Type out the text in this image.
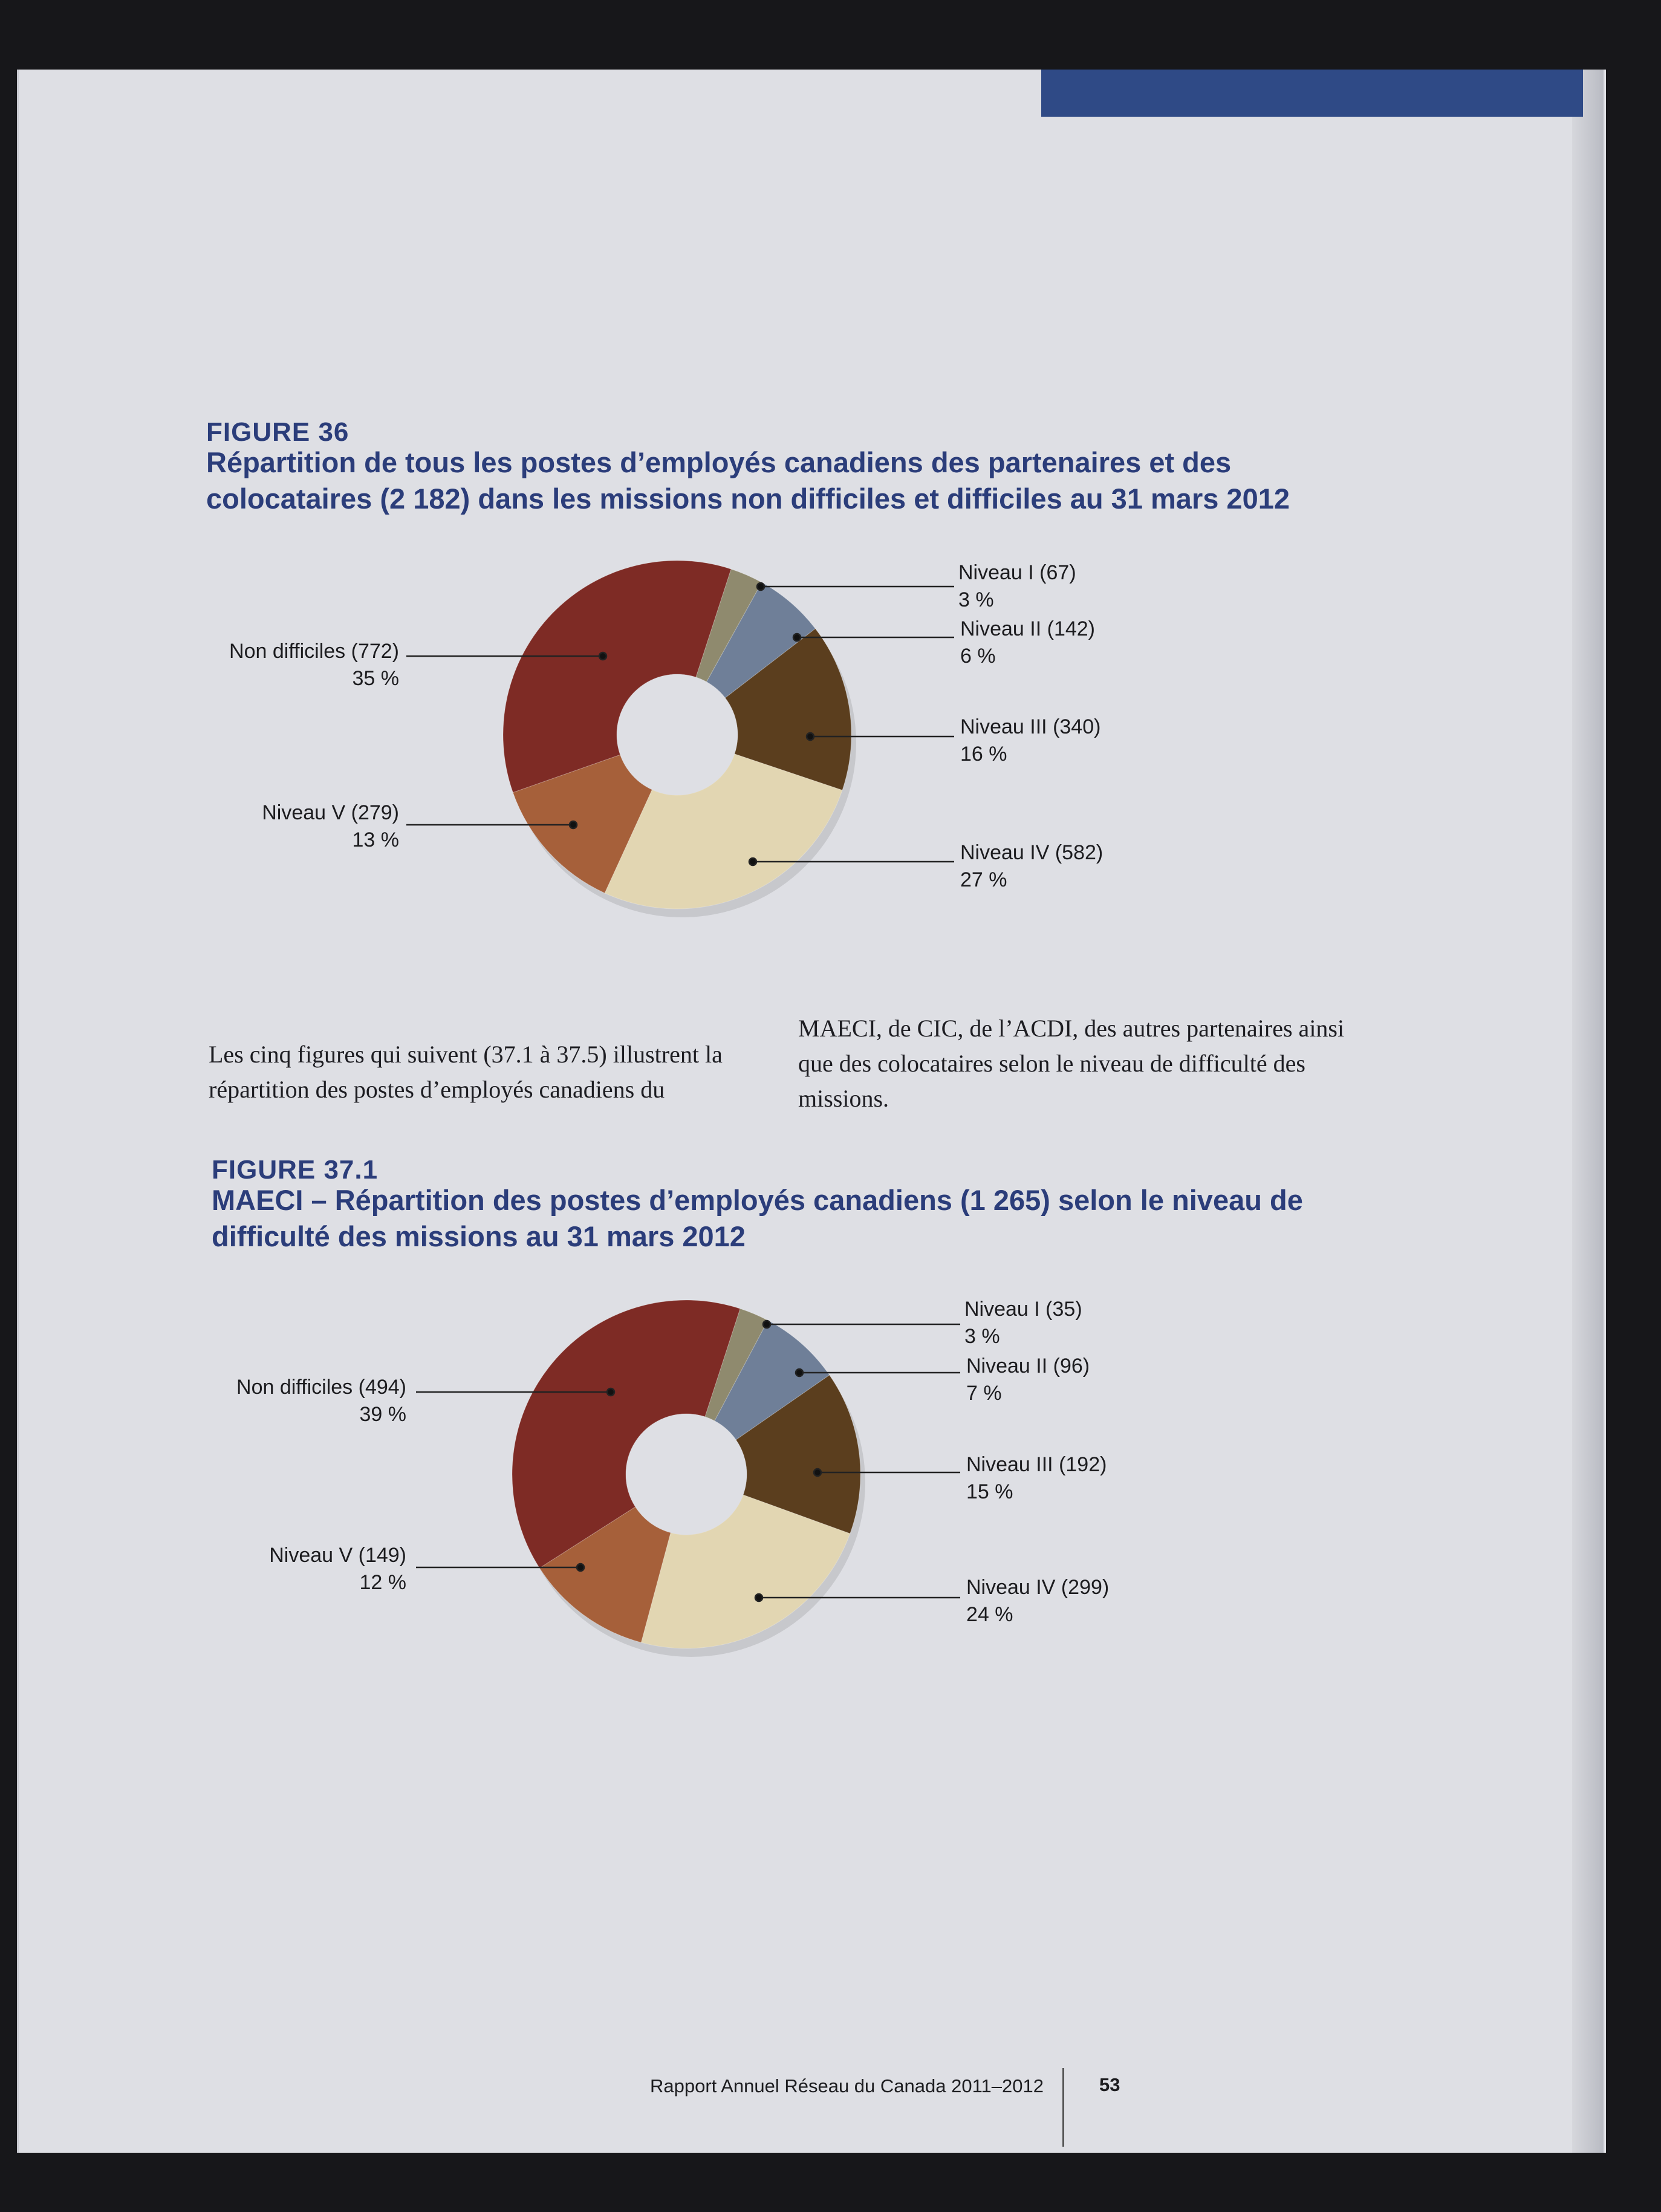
FIGURE 36
Répartition de tous les postes d’employés canadiens des partenaires et des colocataires (2 182) dans les missions non difficiles et difficiles au 31 mars 2012
Non difficiles (772)
35 %
Niveau V (279)
13 %
Niveau I (67)
3 %
Niveau II (142)
6 %
Niveau III (340)
16 %
Niveau IV (582)
27 %
Les cinq figures qui suivent (37.1 à 37.5) illustrent la répartition des postes d’employés canadiens du
MAECI, de CIC, de l’ACDI, des autres partenaires ainsi que des colocataires selon le niveau de difficulté des missions.
FIGURE 37.1
MAECI – Répartition des postes d’employés canadiens (1 265) selon le niveau de difficulté des missions au 31 mars 2012
Non difficiles (494)
39 %
Niveau V (149)
12 %
Niveau I (35)
3 %
Niveau II (96)
7 %
Niveau III (192)
15 %
Niveau IV (299)
24 %
Rapport Annuel Réseau du Canada 2011–2012	53
